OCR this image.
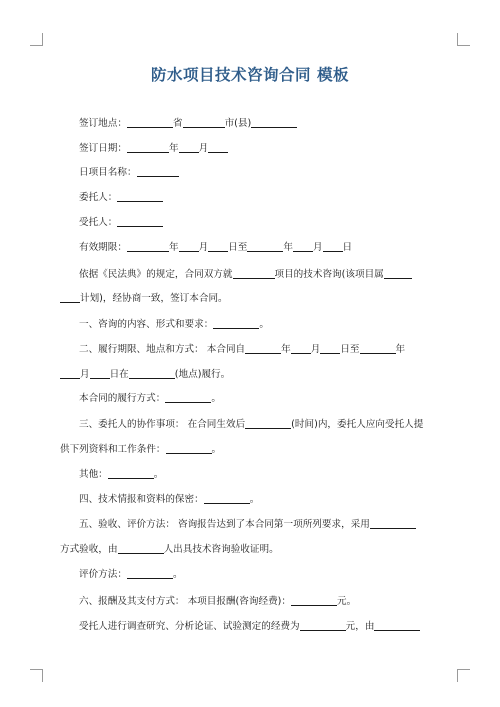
防水项目技术咨询合同 模板
签订地点：	省	市(县)
签订日期：	年 月
日项目名称：
委托人：
受托人：
有效期限：	年 月 日至	年 月 日
依据《民法典》的规定，合同双方就	项目的技术咨询(该项目属
计划)，经协商一致，签订本合同。
一、咨询的内容、形式和要求：	。
二、履行期限、地点和方式： 本合同自	年 月 日至	年
月 日在	(地点)履行。
本合同的履行方式：	。
三、委托人的协作事项： 在合同生效后	(时间)内，委托人应向受托人提
供下列资料和工作条件：	。
其他：	。
四、技术情报和资料的保密：	。
五、验收、评价方法： 咨询报告达到了本合同第一项所列要求，采用
方式验收，由	人出具技术咨询验收证明。
评价方法：	。
六、报酬及其支付方式： 本项目报酬(咨询经费)：	元。
受托人进行调查研究、分析论证、试验测定的经费为	元，由
